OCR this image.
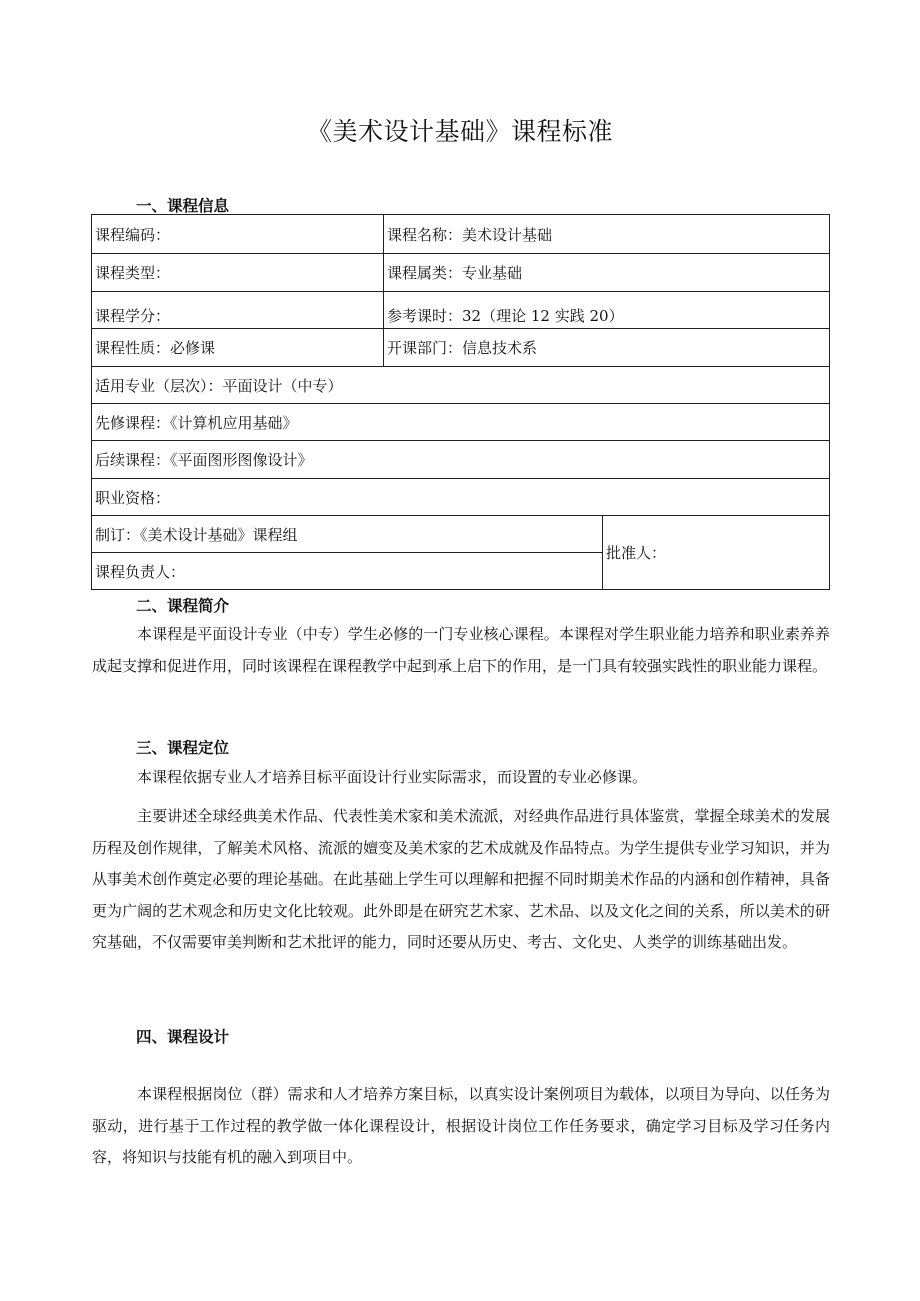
《美术设计基础》课程标准
一、课程信息
课程编码：	课程名称：美术设计基础	
课程类型：	课程属类：专业基础	
课程学分：	参考课时：32（理论 12 实践 20）	
课程性质：必修课	开课部门：信息技术系	
适用专业（层次）：平面设计（中专）		
先修课程：《计算机应用基础》		
后续课程：《平面图形图像设计》		
职业资格：		
制订：《美术设计基础》课程组		批准人：
课程负责人：		
二、课程简介

本课程是平面设计专业（中专）学生必修的一门专业核心课程。本课程对学生职业能力培养和职业素养养成起支撑和促进作用，同时该课程在课程教学中起到承上启下的作用，是一门具有较强实践性的职业能力课程。

三、课程定位

本课程依据专业人才培养目标平面设计行业实际需求，而设置的专业必修课。

主要讲述全球经典美术作品、代表性美术家和美术流派，对经典作品进行具体鉴赏，掌握全球美术的发展历程及创作规律，了解美术风格、流派的嬗变及美术家的艺术成就及作品特点。为学生提供专业学习知识，并为从事美术创作奠定必要的理论基础。在此基础上学生可以理解和把握不同时期美术作品的内涵和创作精神，具备更为广阔的艺术观念和历史文化比较观。此外即是在研究艺术家、艺术品、以及文化之间的关系，所以美术的研究基础，不仅需要审美判断和艺术批评的能力，同时还要从历史、考古、文化史、人类学的训练基础出发。

四、课程设计

本课程根据岗位（群）需求和人才培养方案目标，以真实设计案例项目为载体，以项目为导向、以任务为驱动，进行基于工作过程的教学做一体化课程设计，根据设计岗位工作任务要求，确定学习目标及学习任务内容，将知识与技能有机的融入到项目中。
